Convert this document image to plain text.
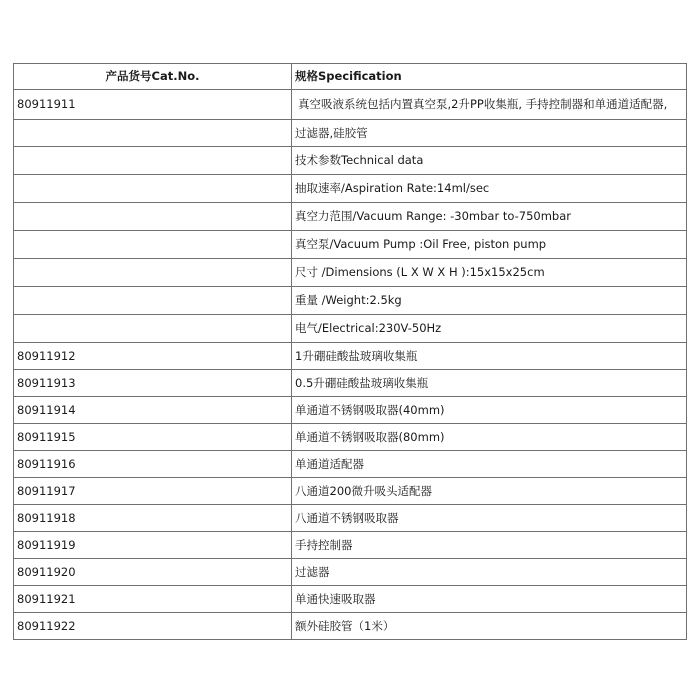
产品货号Cat.No.	规格Specification
80911911	真空吸液系统包括内置真空泵,2升PP收集瓶, 手持控制器和单通道适配器,

	过滤器,硅胶管
	技术参数Technical data
	抽取速率/Aspiration Rate:14ml/sec
	真空力范围/Vacuum Range: -30mbar to-750mbar
	真空泵/Vacuum Pump :Oil Free, piston pump
	尺寸 /Dimensions (L X W X H ):15x15x25cm
	重量 /Weight:2.5kg
	电气/Electrical:230V-50Hz
80911912	1升硼硅酸盐玻璃收集瓶
80911913	0.5升硼硅酸盐玻璃收集瓶
80911914	单通道不锈钢吸取器(40mm)
80911915	单通道不锈钢吸取器(80mm)
80911916	单通道适配器
80911917	八通道200微升吸头适配器
80911918	八通道不锈钢吸取器
80911919	手持控制器
80911920	过滤器
80911921	单通快速吸取器
80911922	额外硅胶管（1米）
